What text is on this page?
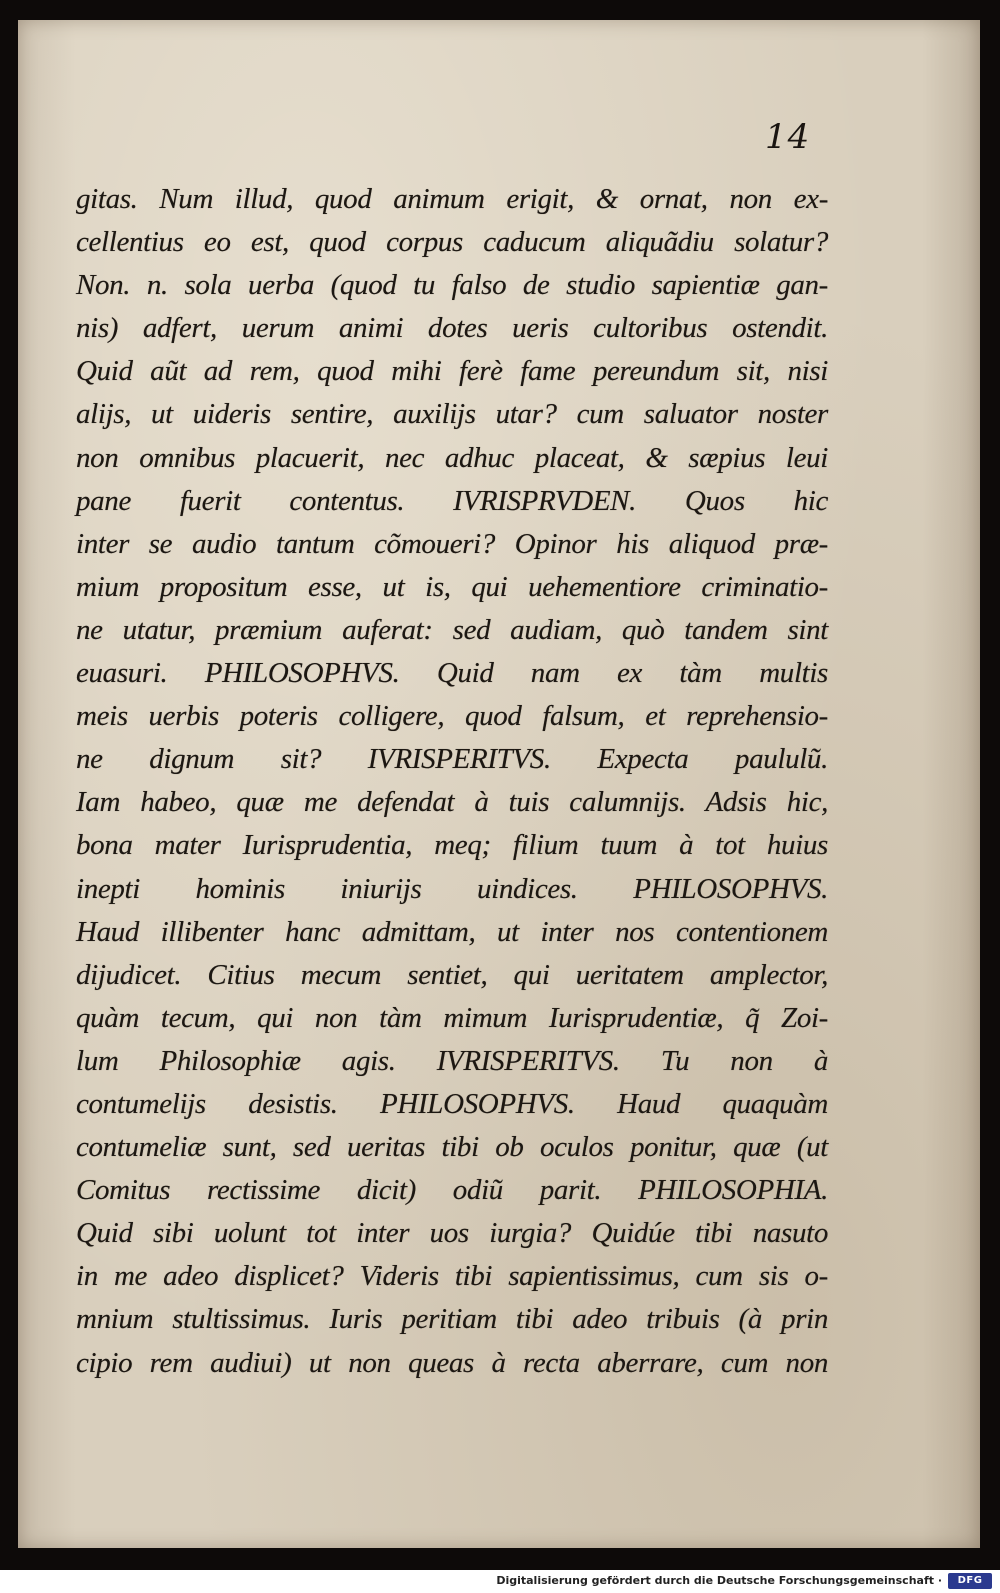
14
gitas. Num illud, quod animum erigit, & ornat, non ex-
cellentius eo est, quod corpus caducum aliquãdiu solatur?
Non. n. sola uerba (quod tu falso de studio sapientiæ gan-
nis) adfert, uerum animi dotes ueris cultoribus ostendit.
Quid aũt ad rem, quod mihi ferè fame pereundum sit, nisi
alijs, ut uideris sentire, auxilijs utar? cum saluator noster
non omnibus placuerit, nec adhuc placeat, & sæpius leui
pane fuerit contentus. IVRISPRVDEN. Quos hic
inter se audio tantum cõmoueri? Opinor his aliquod præ-
mium propositum esse, ut is, qui uehementiore criminatio-
ne utatur, præmium auferat: sed audiam, quò tandem sint
euasuri. PHILOSOPHVS. Quid nam ex tàm multis
meis uerbis poteris colligere, quod falsum, et reprehensio-
ne dignum sit? IVRISPERITVS. Expecta paululũ.
Iam habeo, quæ me defendat à tuis calumnijs. Adsis hic,
bona mater Iurisprudentia, meq; filium tuum à tot huius
inepti hominis iniurijs uindices. PHILOSOPHVS.
Haud illibenter hanc admittam, ut inter nos contentionem
dijudicet. Citius mecum sentiet, qui ueritatem amplector,
quàm tecum, qui non tàm mimum Iurisprudentiæ, q̃ Zoi-
lum Philosophiæ agis. IVRISPERITVS. Tu non à
contumelijs desistis. PHILOSOPHVS. Haud quaquàm
contumeliæ sunt, sed ueritas tibi ob oculos ponitur, quæ (ut
Comitus rectissime dicit) odiũ parit. PHILOSOPHIA.
Quid sibi uolunt tot inter uos iurgia? Quidúe tibi nasuto
in me adeo displicet? Videris tibi sapientissimus, cum sis o-
mnium stultissimus. Iuris peritiam tibi adeo tribuis (à prin
cipio rem audiui) ut non queas à recta aberrare, cum non
Digitalisierung gefördert durch die Deutsche Forschungsgemeinschaft ·	DFG
